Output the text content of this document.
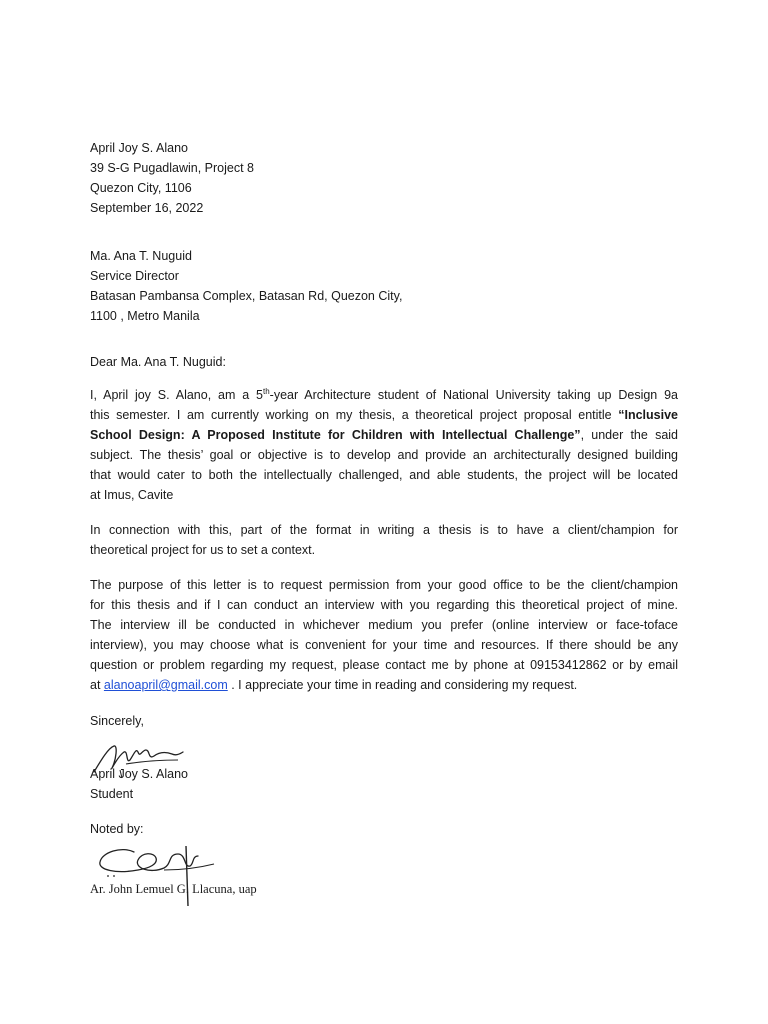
April Joy S. Alano
39 S-G Pugadlawin, Project 8
Quezon City, 1106
September 16, 2022
Ma. Ana T. Nuguid
Service Director
Batasan Pambansa Complex, Batasan Rd, Quezon City,
1100 , Metro Manila
Dear Ma. Ana T. Nuguid:
I, April joy S. Alano, am a 5th-year Architecture student of National University taking up Design 9a
this semester. I am currently working on my thesis, a theoretical project proposal entitle “Inclusive
School Design: A Proposed Institute for Children with Intellectual Challenge”, under the said
subject. The thesis’ goal or objective is to develop and provide an architecturally designed building
that would cater to both the intellectually challenged, and able students, the project will be located
at Imus, Cavite
In connection with this, part of the format in writing a thesis is to have a client/champion for
theoretical project for us to set a context.
The purpose of this letter is to request permission from your good office to be the client/champion
for this thesis and if I can conduct an interview with you regarding this theoretical project of mine.
The interview ill be conducted in whichever medium you prefer (online interview or face-toface
interview), you may choose what is convenient for your time and resources. If there should be any
question or problem regarding my request, please contact me by phone at 09153412862 or by email
at alanoapril@gmail.com . I appreciate your time in reading and considering my request.
Sincerely,
April Joy S. Alano
Student
Noted by:
Ar. John Lemuel G. Llacuna, uap
